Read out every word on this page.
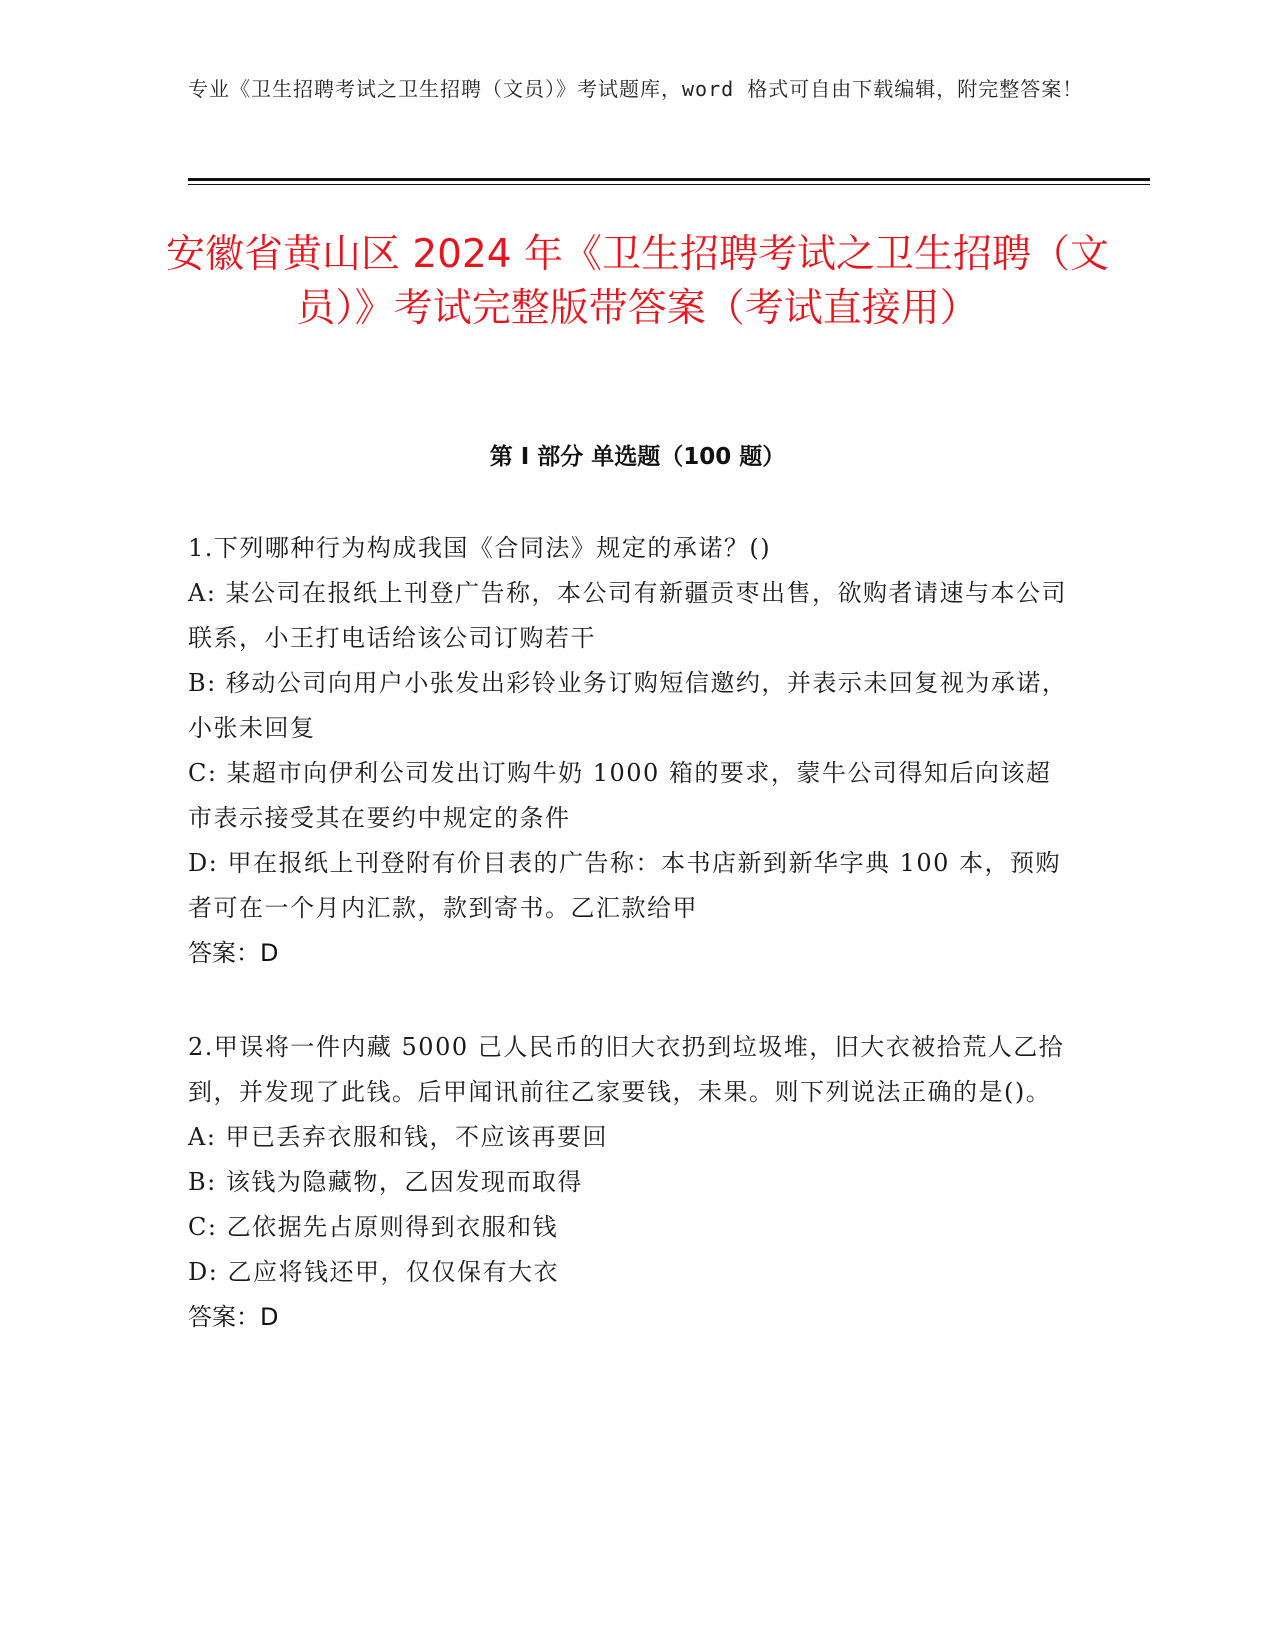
专业《卫生招聘考试之卫生招聘（文员）》考试题库，word 格式可自由下载编辑，附完整答案！
安徽省黄山区 2024 年《卫生招聘考试之卫生招聘（文员）》考试完整版带答案（考试直接用）
第 I 部分 单选题（100 题）
1.下列哪种行为构成我国《合同法》规定的承诺？()
A: 某公司在报纸上刊登广告称，本公司有新疆贡枣出售，欲购者请速与本公司联系，小王打电话给该公司订购若干
B: 移动公司向用户小张发出彩铃业务订购短信邀约，并表示未回复视为承诺，小张未回复
C: 某超市向伊利公司发出订购牛奶 1000 箱的要求，蒙牛公司得知后向该超市表示接受其在要约中规定的条件
D: 甲在报纸上刊登附有价目表的广告称：本书店新到新华字典 100 本，预购者可在一个月内汇款，款到寄书。乙汇款给甲
答案：D
2.甲误将一件内藏 5000 己人民币的旧大衣扔到垃圾堆，旧大衣被拾荒人乙拾到，并发现了此钱。后甲闻讯前往乙家要钱，未果。则下列说法正确的是()。
A: 甲已丢弃衣服和钱，不应该再要回
B: 该钱为隐藏物，乙因发现而取得
C: 乙依据先占原则得到衣服和钱
D: 乙应将钱还甲，仅仅保有大衣
答案：D
